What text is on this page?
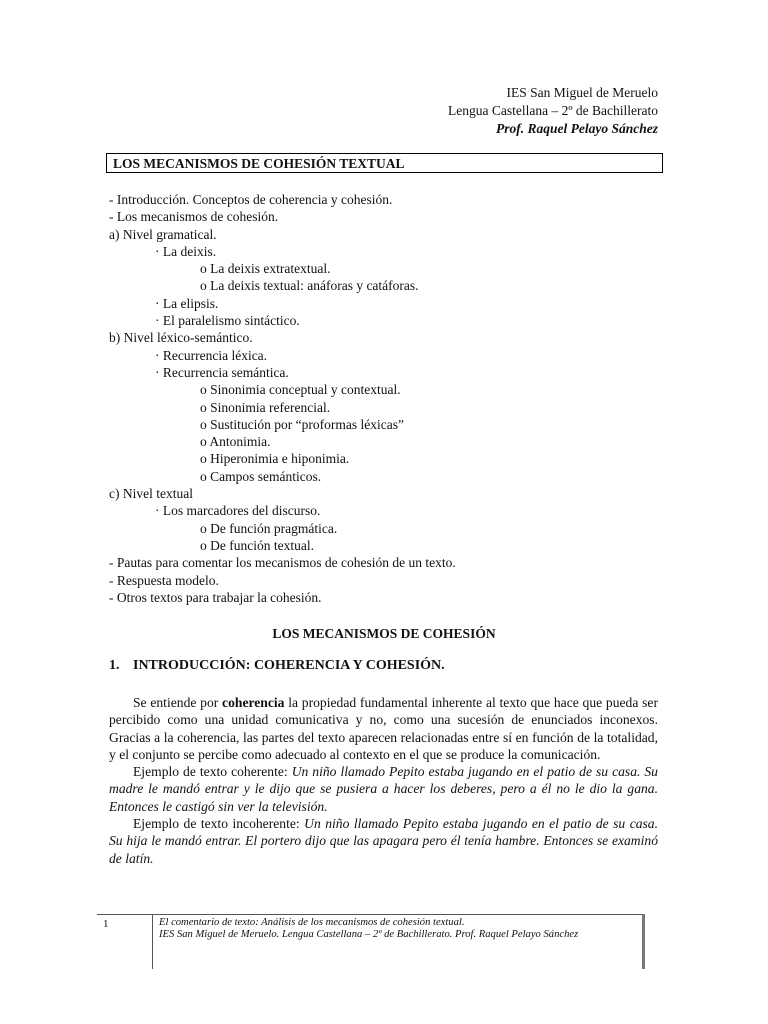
IES San Miguel de Meruelo
Lengua Castellana – 2º de Bachillerato
Prof. Raquel Pelayo Sánchez
LOS MECANISMOS DE COHESIÓN TEXTUAL
- Introducción. Conceptos de coherencia y cohesión.
- Los mecanismos de cohesión.
a) Nivel gramatical.
· La deixis.
o La deixis extratextual.
o La deixis textual: anáforas y catáforas.
· La elipsis.
· El paralelismo sintáctico.
b) Nivel léxico-semántico.
· Recurrencia léxica.
· Recurrencia semántica.
o Sinonimia conceptual y contextual.
o Sinonimia referencial.
o Sustitución por “proformas léxicas”
o Antonimia.
o Hiperonimia e hiponimia.
o Campos semánticos.
c) Nivel textual
· Los marcadores del discurso.
o De función pragmática.
o De función textual.
- Pautas para comentar los mecanismos de cohesión de un texto.
- Respuesta modelo.
- Otros textos para trabajar la cohesión.
LOS MECANISMOS DE COHESIÓN
1. INTRODUCCIÓN: COHERENCIA Y COHESIÓN.

Se entiende por coherencia la propiedad fundamental inherente al texto que hace que pueda ser percibido como una unidad comunicativa y no, como una sucesión de enunciados inconexos. Gracias a la coherencia, las partes del texto aparecen relacionadas entre sí en función de la totalidad, y el conjunto se percibe como adecuado al contexto en el que se produce la comunicación.

Ejemplo de texto coherente: Un niño llamado Pepito estaba jugando en el patio de su casa. Su madre le mandó entrar y le dijo que se pusiera a hacer los deberes, pero a él no le dio la gana. Entonces le castigó sin ver la televisión.

Ejemplo de texto incoherente: Un niño llamado Pepito estaba jugando en el patio de su casa. Su hija le mandó entrar. El portero dijo que las apagara pero él tenía hambre. Entonces se examinó de latín.

1	El comentario de texto: Análisis de los mecanismos de cohesión textual.
IES San Miguel de Meruelo. Lengua Castellana – 2º de Bachillerato. Prof. Raquel Pelayo Sánchez
